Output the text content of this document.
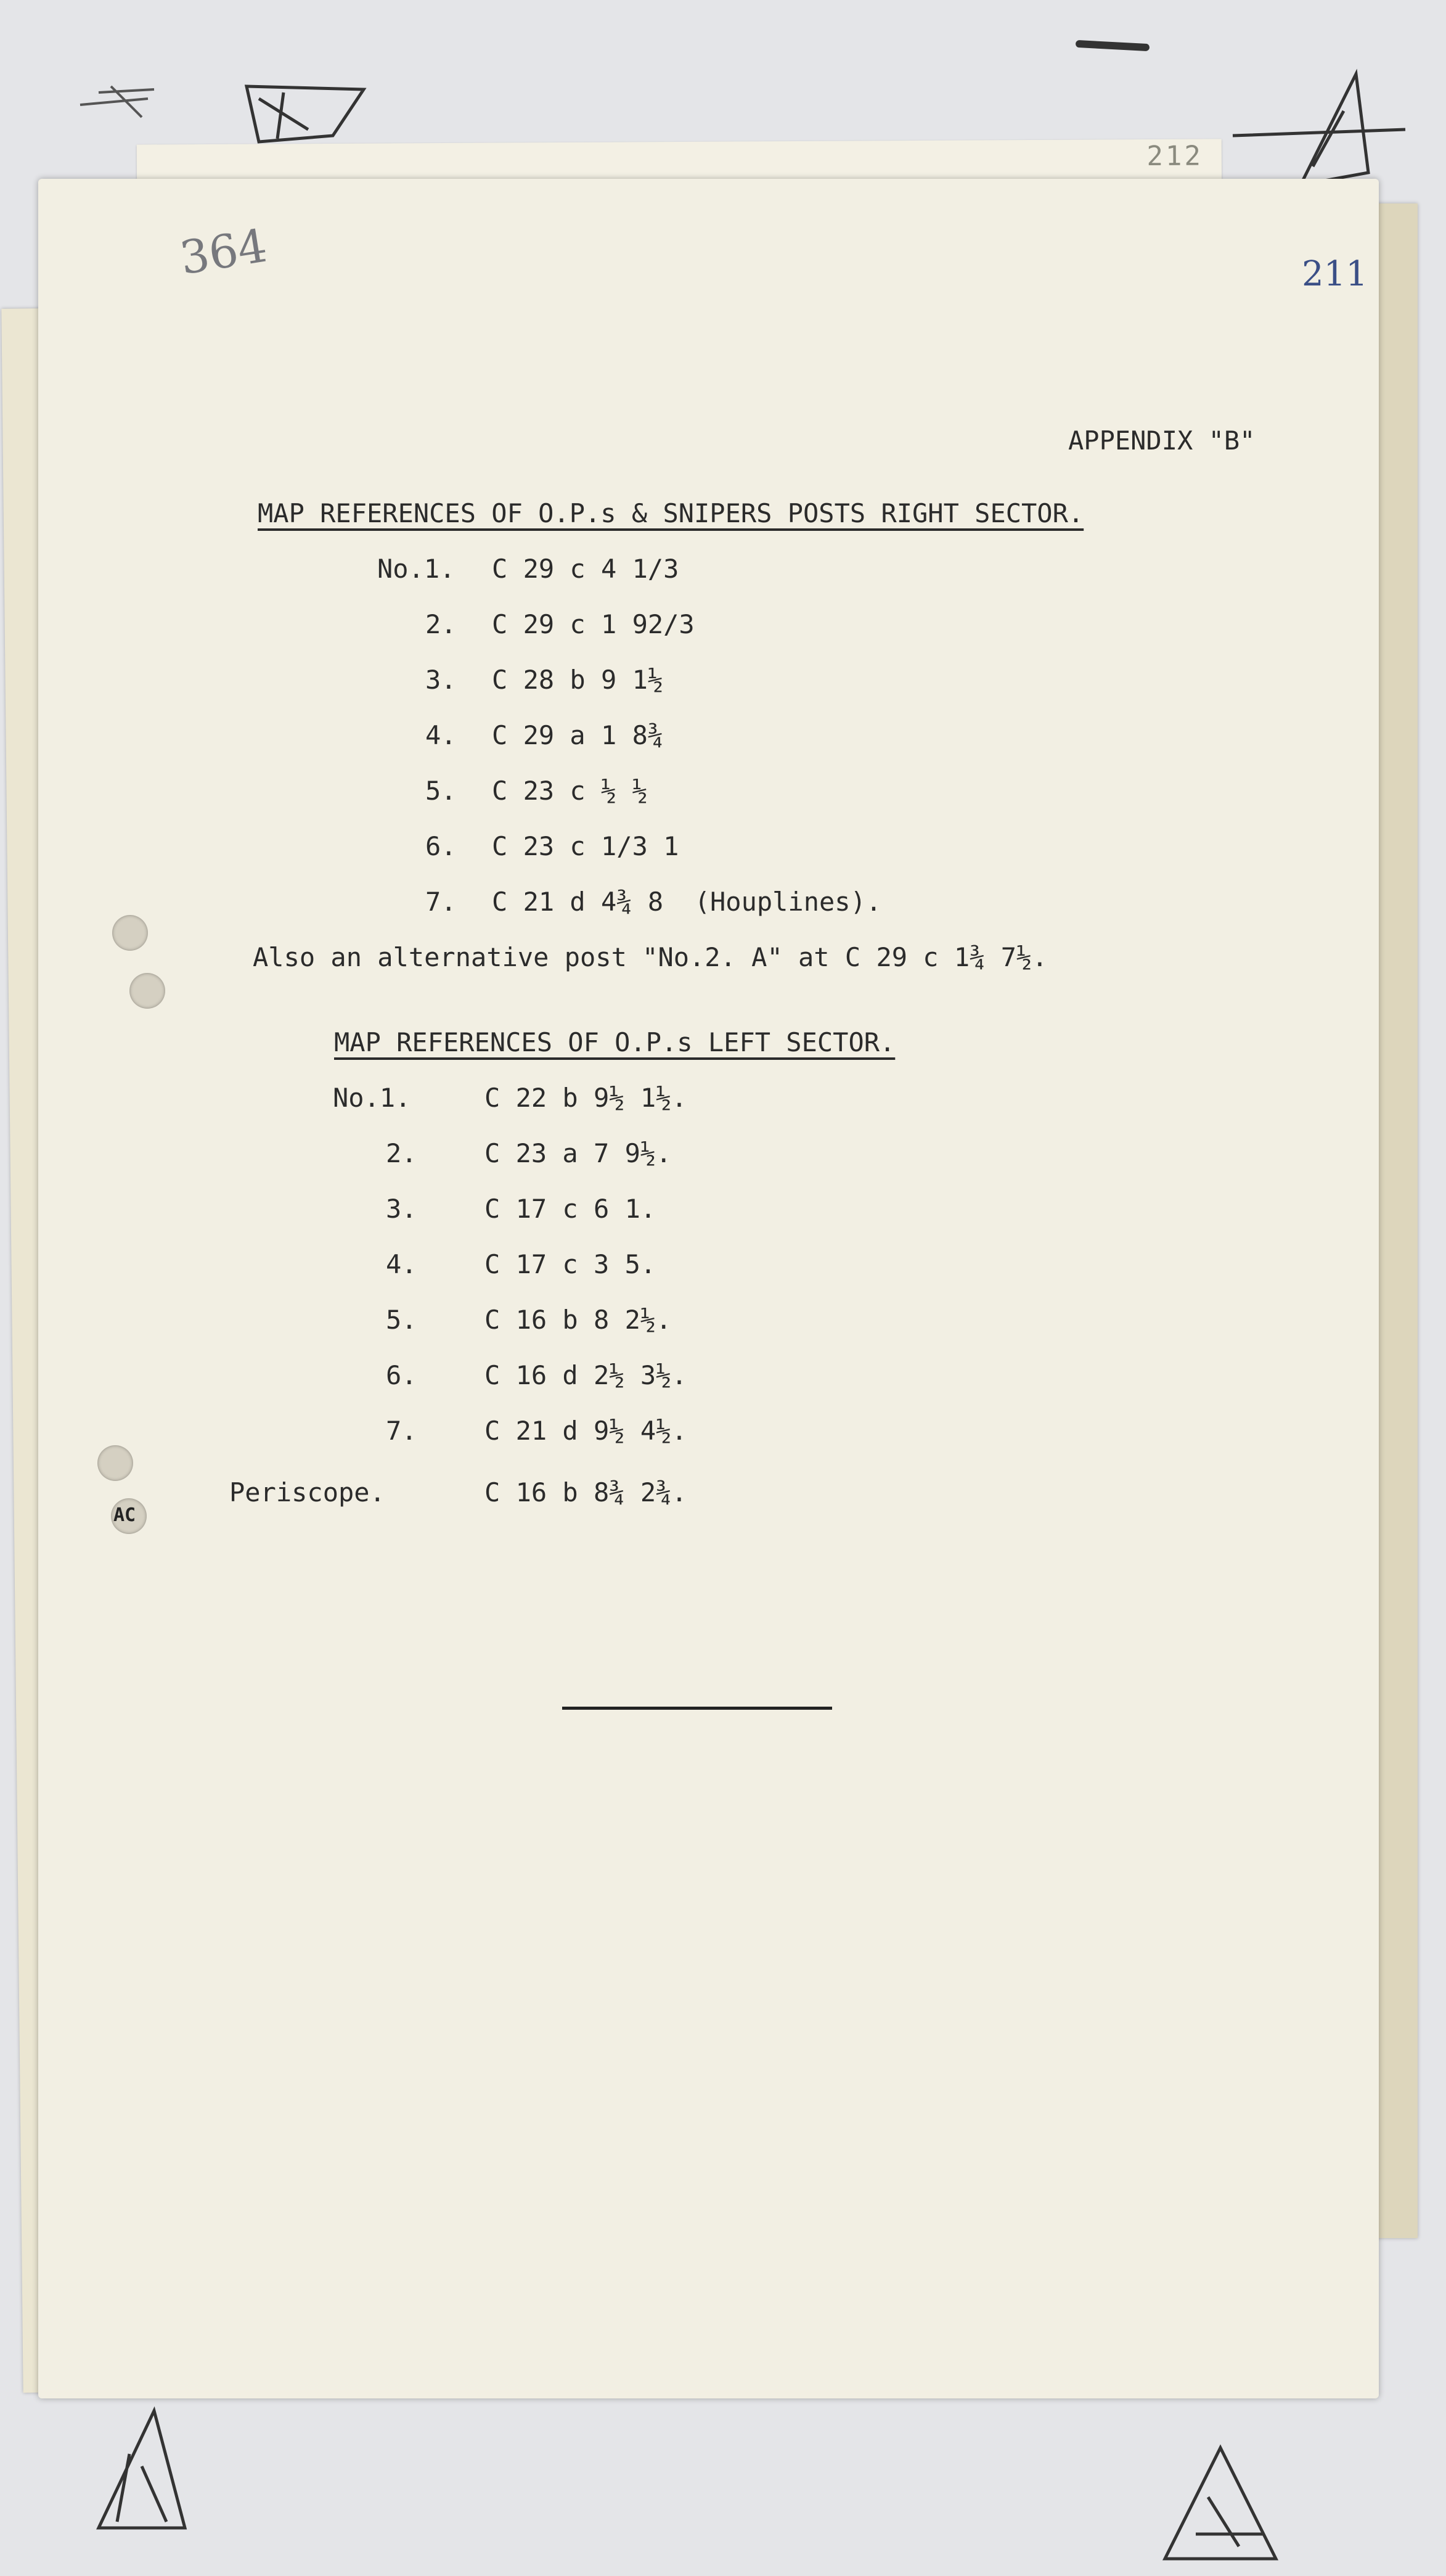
212
364	211
APPENDIX "B"
MAP REFERENCES OF O.P.s & SNIPERS POSTS RIGHT SECTOR.
No.1. C 29 c 4 1/3
2. C 29 c 1 92/3
3. C 28 b 9 1½
4. C 29 a 1 8¾
5. C 23 c ½ ½
6. C 23 c 1/3 1
7. C 21 d 4¾ 8  (Houplines).
Also an alternative post "No.2. A" at C 29 c 1¾ 7½.
MAP REFERENCES OF O.P.s LEFT SECTOR.
No.1.	C 22 b 9½ 1½.
2.	C 23 a 7 9½.
3.	C 17 c 6 1.
4.	C 17 c 3 5.
5.	C 16 b 8 2½.
6.	C 16 d 2½ 3½.
7.	C 21 d 9½ 4½.
Periscope.	C 16 b 8¾ 2¾.
AC
